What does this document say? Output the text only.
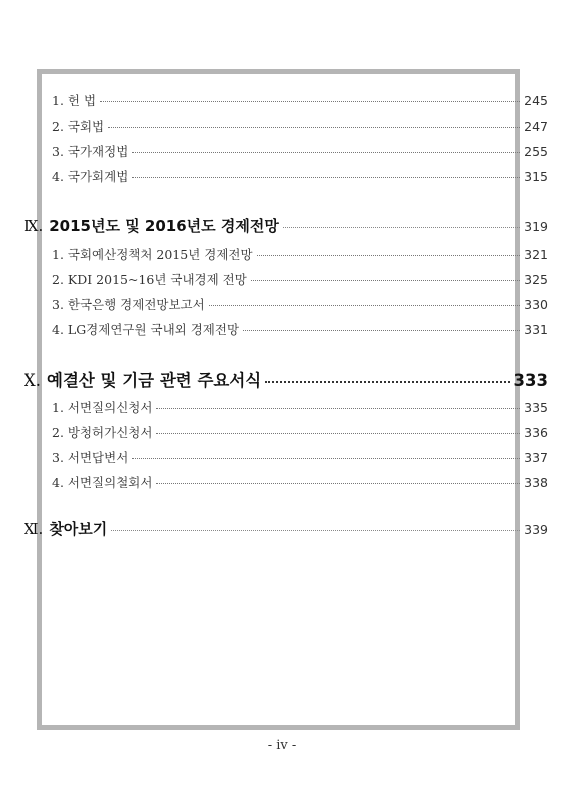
1. 헌 법	245
2. 국회법	247
3. 국가재정법	255
4. 국가회계법	315
Ⅸ. 2015년도 및 2016년도 경제전망	319
1. 국회예산정책처 2015년 경제전망	321
2. KDI 2015~16년 국내경제 전망	325
3. 한국은행 경제전망보고서	330
4. LG경제연구원 국내외 경제전망	331
Ⅹ. 예결산 및 기금 관련 주요서식	333
1. 서면질의신청서	335
2. 방청허가신청서	336
3. 서면답변서	337
4. 서면질의철회서	338
Ⅺ. 찾아보기	339
- iv -
